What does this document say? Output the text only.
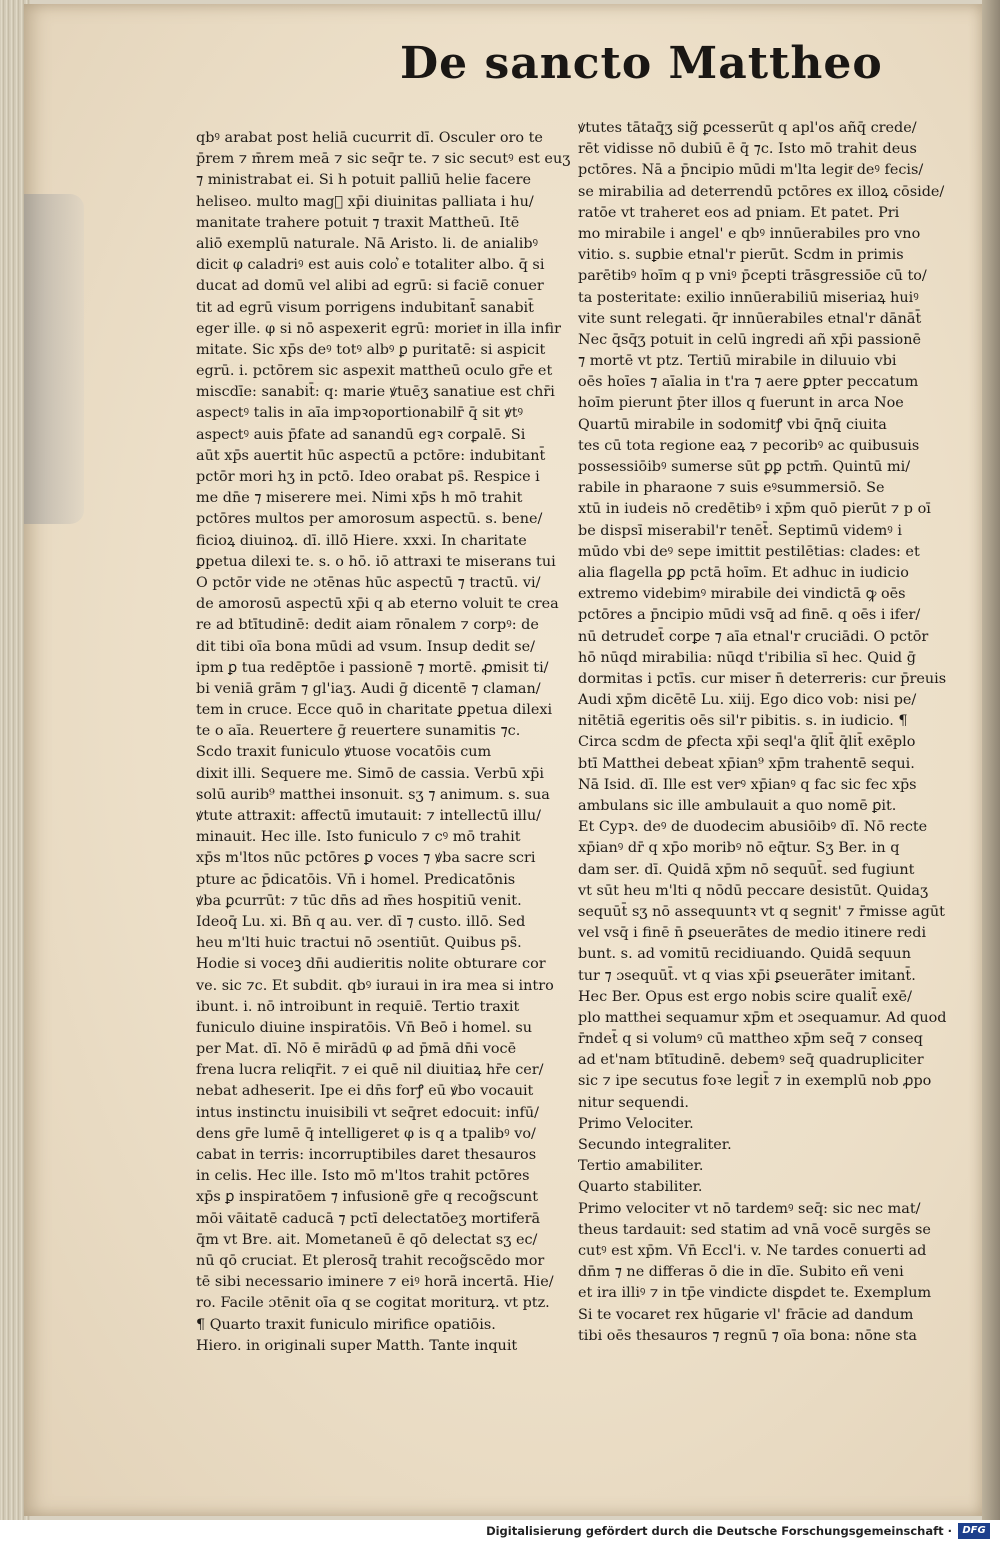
De sancto Mattheo
qbꝰ arabat post heliā cucurrit dī. Osculer oro te
p̄rem ⁊ m̄rem meā ⁊ sic seq̄r te. ⁊ sic secutꝰ est euʒ
⁊ ministrabat ei. Si h potuit palliū helie facere
heliseo. multo magᷓ xp̄i diuinitas palliata i hu/
manitate trahere potuit ⁊ traxit Mattheū. Itē
aliō exemplū naturale. Nā Aristo. li. de anialibꝰ
dicit φ caladriꝰ est auis colo͛ e totaliter albo. q̄ si
ducat ad domū vel alibi ad egrū: si faciē conuer
tit ad egrū visum porrigens indubitant̄ sanabit̄
eger ille. φ si nō aspexerit egrū: morietͬ in illa infir
mitate. Sic xp̄s deꝰ totꝰ albꝰ ꝑ puritatē: si aspicit
egrū. i. pctōrem sic aspexit mattheū oculo gr̄e et
miscdīe: sanabit̄: q: marie ꝟtuēʒ sanatiue est chr̄i
aspectꝰ talis in aīa impꝛoportionabilr̄ q̄ sit ꝟtꝰ
aspectꝰ auis p̄fate ad sanandū egꝛ corꝑalē. Si
aūt xp̄s auertit hūc aspectū a pctōre: indubitant̄
pctōr mori hʒ in pctō. Ideo orabat ps̄. Respice i
me dn̄e ⁊ miserere mei. Nimi xp̄s h mō trahit
pctōres multos per amorosum aspectū. s. bene/
ficioꝝ diuinoꝝ. dī. illō Hiere. xxxi. In charitate
ꝑpetua dilexi te. s. o hō. iō attraxi te miserans tui
O pctōr vide ne ɔtēnas hūc aspectū ⁊ tractū. vi/
de amorosū aspectū xp̄i q ab eterno voluit te crea
re ad btītudinē: dedit aiam rōnalem ⁊ corpꝰ: de
dit tibi oīa bona mūdi ad vsum. Insup dedit se/
ipm ꝑ tua redēptōe i passionē ⁊ mortē. ꝓmisit ti/
bi veniā grām ⁊ gl'iaʒ. Audi ḡ dicentē ⁊ claman/
tem in cruce. Ecce quō in charitate ꝑpetua dilexi
te o aīa. Reuertere ḡ reuertere sunamitis ⁊c.
Scdo traxit funiculo ꝟtuose vocatōis cum
dixit illi. Sequere me. Simō de cassia. Verbū xp̄i
solū aurib⁹ matthei insonuit. sʒ ⁊ animum. s. sua
ꝟtute attraxit: affectū imutauit: ⁊ intellectū illu/
minauit. Hec ille. Isto funiculo ⁊ cꝰ mō trahit
xp̄s m'ltos nūc pctōres ꝑ voces ⁊ ꝟba sacre scri
pture ac p̄dicatōis. Vn̄ i homel. Predicatōnis
ꝟba ꝑcurrūt: ⁊ tūc dn̄s ad m̄es hospitiū venit.
Ideoq̄ Lu. xi. Bn̄ q au. ver. dī ⁊ custo. illō. Sed
heu m'lti huic tractui nō ɔsentiūt. Quibus ps̄.
Hodie si voceꝫ dn̄i audieritis nolite obturare cor
ve. sic ⁊c. Et subdit. qbꝰ iuraui in ira mea si intro
ibunt. i. nō introibunt in requiē. Tertio traxit
funiculo diuine inspiratōis. Vn̄ Beō i homel. su
per Mat. dī. Nō ē mirādū φ ad p̄mā dn̄i vocē
frena lucra reliqr̄it. ⁊ ei quē nil diuitiaꝝ hr̄e cer/
nebat adheserit. Ipe ei dn̄s forꝭ eū ꝟbo vocauit
intus instinctu inuisibili vt seq̄ret edocuit: infū/
dens gr̄e lumē q̄ intelligeret φ is q a tpalibꝰ vo/
cabat in terris: incorruptibiles daret thesauros
in celis. Hec ille. Isto mō m'ltos trahit pctōres
xp̄s ꝑ inspiratōem ⁊ infusionē gr̄e q recog̃scunt
mōi vāitatē caducā ⁊ pctī delectatōeʒ mortiferā
q̄m vt Bre. ait. Mometaneū ē qō delectat sʒ ec/
nū qō cruciat. Et plerosq̄ trahit recog̃scēdo mor
tē sibi necessario iminere ⁊ eiꝰ horā incertā. Hie/
ro. Facile ɔtēnit oīa q se cogitat moriturꝝ. vt ptz.
¶ Quarto traxit funiculo mirifice opatiōis.
Hiero. in originali super Matth. Tante inquit
ꝟtutes tātaq̄ʒ sig̃ ꝑcesserūt q apl'os añq̄ crede/
rēt vidisse nō dubiū ē q̄ ⁊c. Isto mō trahit deus
pctōres. Nā a p̄ncipio mūdi m'lta legitͬ deꝰ fecis/
se mirabilia ad deterrendū pctōres ex illoꝝ cōside/
ratōe vt traheret eos ad pniam. Et patet. Pri
mo mirabile i angel' e qbꝰ innūerabiles pro vno
vitio. s. suꝑbie etnal'r pierūt. Scdm in primis
parētibꝰ hoīm q p vniꝰ p̄cepti trāsgressiōe cū to/
ta posteritate: exilio innūerabiliū miseriaꝝ huiꝰ
vite sunt relegati. q̄r innūerabiles etnal'r dānāt̄
Nec q̄sq̄ʒ potuit in celū ingredi añ xp̄i passionē
⁊ mortē vt ptz. Tertiū mirabile in diluuio vbi
oēs hoīes ⁊ aīalia in t'ra ⁊ aere ꝑpter peccatum
hoīm pierunt p̄ter illos q fuerunt in arca Noe
Quartū mirabile in sodomitꝭ vbi q̄nq̄ ciuita
tes cū tota regione eaꝝ ⁊ pecoribꝰ ac quibusuis
possessiōibꝰ sumerse sūt ꝑꝑ pctm̄. Quintū mi/
rabile in pharaone ⁊ suis eꝰsummersiō. Se
xtū in iudeis nō credētibꝰ i xp̄m quō pierūt ⁊ p oī
be dispsī miserabil'r tenēt̄. Septimū videmꝰ i
mūdo vbi deꝰ sepe imittit pestilētias: clades: et
alia flagella ꝑꝑ pctā hoīm. Et adhuc in iudicio
extremo videbimꝰ mirabile dei vindictā ꝙ oēs
pctōres a p̄ncipio mūdi vsq̄ ad finē. q oēs i ifer/
nū detrudet̄ corꝑe ⁊ aīa etnal'r cruciādi. O pctōr
hō nūqd mirabilia: nūqd t'ribilia sī hec. Quid ḡ
dormitas i pctīs. cur miser n̄ deterreris: cur p̄reuis
Audi xp̄m dicētē Lu. xiij. Ego dico vob: nisi pe/
nitētiā egeritis oēs sil'r pibitis. s. in iudicio. ¶
Circa scdm de ꝑfecta xp̄i seql'a q̄lit̄ q̄lit̄ exēplo
btī Matthei debeat xp̄ian⁹ xp̄m trahentē sequi.
Nā Isid. dī. Ille est verꝰ xp̄ianꝰ q fac sic fec xp̄s
ambulans sic ille ambulauit a quo nomē ꝑit.
Et Cypꝛ. deꝰ de duodecim abusiōibꝰ dī. Nō recte
xp̄ianꝰ dr̄ q xp̄o moribꝰ nō eq̄tur. Sʒ Ber. in q
dam ser. dī. Quidā xp̄m nō sequūt̄. sed fugiunt
vt sūt heu m'lti q nōdū peccare desistūt. Quidaʒ
sequūt̄ sʒ nō assequuntꝛ vt q segnit' ⁊ r̄misse agūt
vel vsq̄ i finē n̄ ꝑseuerātes de medio itinere redi
bunt. s. ad vomitū recidiuando. Quidā sequun
tur ⁊ ɔsequūt̄. vt q vias xp̄i ꝑseuerāter imitant̄.
Hec Ber. Opus est ergo nobis scire qualit̄ exē/
plo matthei sequamur xp̄m et ɔsequamur. Ad quod
r̄ndet̄ q si volumꝰ cū mattheo xp̄m seq̄ ⁊ conseq
ad et'nam btītudinē. debemꝰ seq̄ quadrupliciter
sic ⁊ ipe secutus foꝛe legit̄ ⁊ in exemplū nob ꝓpo
nitur sequendi.
Primo Velociter.
Secundo integraliter.
Tertio amabiliter.
Quarto stabiliter.
Primo velociter vt nō tardemꝰ seq̄: sic nec mat/
theus tardauit: sed statim ad vnā vocē surgēs se
cutꝰ est xp̄m. Vn̄ Eccl'i. v. Ne tardes conuerti ad
dn̄m ⁊ ne differas ō die in dīe. Subito eñ veni
et ira illiꝰ ⁊ in tp̄e vindicte disꝑdet te. Exemplum
Si te vocaret rex hūgarie vl' frācie ad dandum
tibi oēs thesauros ⁊ regnū ⁊ oīa bona: nōne sta
Digitalisierung gefördert durch die Deutsche Forschungsgemeinschaft ·	DFG
